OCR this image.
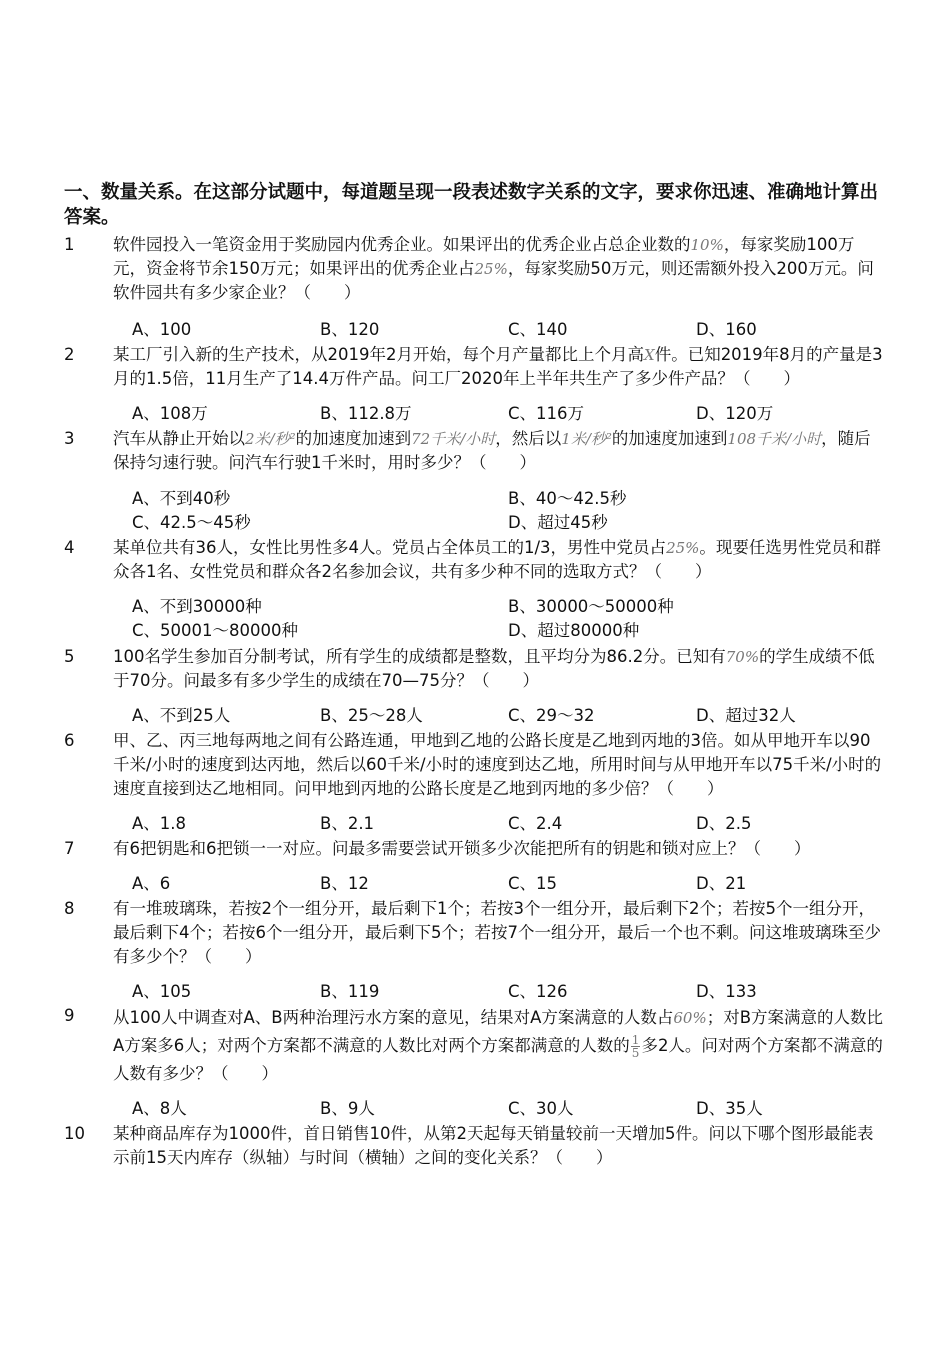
一、数量关系。在这部分试题中，每道题呈现一段表述数字关系的文字，要求你迅速、准确地计算出答案。
1	软件园投入一笔资金用于奖励园内优秀企业。如果评出的优秀企业占总企业数的10%，每家奖励100万元，资金将节余150万元；如果评出的优秀企业占25%，每家奖励50万元，则还需额外投入200万元。问软件园共有多少家企业？（　　）
A、100	B、120	C、140	D、160
2	某工厂引入新的生产技术，从2019年2月开始，每个月产量都比上个月高X件。已知2019年8月的产量是3月的1.5倍，11月生产了14.4万件产品。问工厂2020年上半年共生产了多少件产品？（　　）
A、108万	B、112.8万	C、116万	D、120万
3	汽车从静止开始以2米/秒²的加速度加速到72千米/小时，然后以1米/秒²的加速度加速到108千米/小时，随后保持匀速行驶。问汽车行驶1千米时，用时多少？（　　）
A、不到40秒	B、40～42.5秒
C、42.5～45秒	D、超过45秒
4	某单位共有36人，女性比男性多4人。党员占全体员工的1/3，男性中党员占25%。现要任选男性党员和群众各1名、女性党员和群众各2名参加会议，共有多少种不同的选取方式？（　　）
A、不到30000种	B、30000～50000种
C、50001～80000种	D、超过80000种
5	100名学生参加百分制考试，所有学生的成绩都是整数，且平均分为86.2分。已知有70%的学生成绩不低于70分。问最多有多少学生的成绩在70—75分？（　　）
A、不到25人	B、25～28人	C、29～32	D、超过32人
6	甲、乙、丙三地每两地之间有公路连通，甲地到乙地的公路长度是乙地到丙地的3倍。如从甲地开车以90千米/小时的速度到达丙地，然后以60千米/小时的速度到达乙地，所用时间与从甲地开车以75千米/小时的速度直接到达乙地相同。问甲地到丙地的公路长度是乙地到丙地的多少倍？（　　）
A、1.8	B、2.1	C、2.4	D、2.5
7	有6把钥匙和6把锁一一对应。问最多需要尝试开锁多少次能把所有的钥匙和锁对应上？（　　）
A、6	B、12	C、15	D、21
8	有一堆玻璃珠，若按2个一组分开，最后剩下1个；若按3个一组分开，最后剩下2个；若按5个一组分开，最后剩下4个；若按6个一组分开，最后剩下5个；若按7个一组分开，最后一个也不剩。问这堆玻璃珠至少有多少个？（　　）
A、105	B、119	C、126	D、133
9	从100人中调查对A、B两种治理污水方案的意见，结果对A方案满意的人数占60%；对B方案满意的人数比A方案多6人；对两个方案都不满意的人数比对两个方案都满意的人数的 $\frac{1}{5}$ 多2人。问对两个方案都不满意的人数有多少？（　　）
A、8人	B、9人	C、30人	D、35人
10	某种商品库存为1000件，首日销售10件，从第2天起每天销量较前一天增加5件。问以下哪个图形最能表示前15天内库存（纵轴）与时间（横轴）之间的变化关系？（　　）
